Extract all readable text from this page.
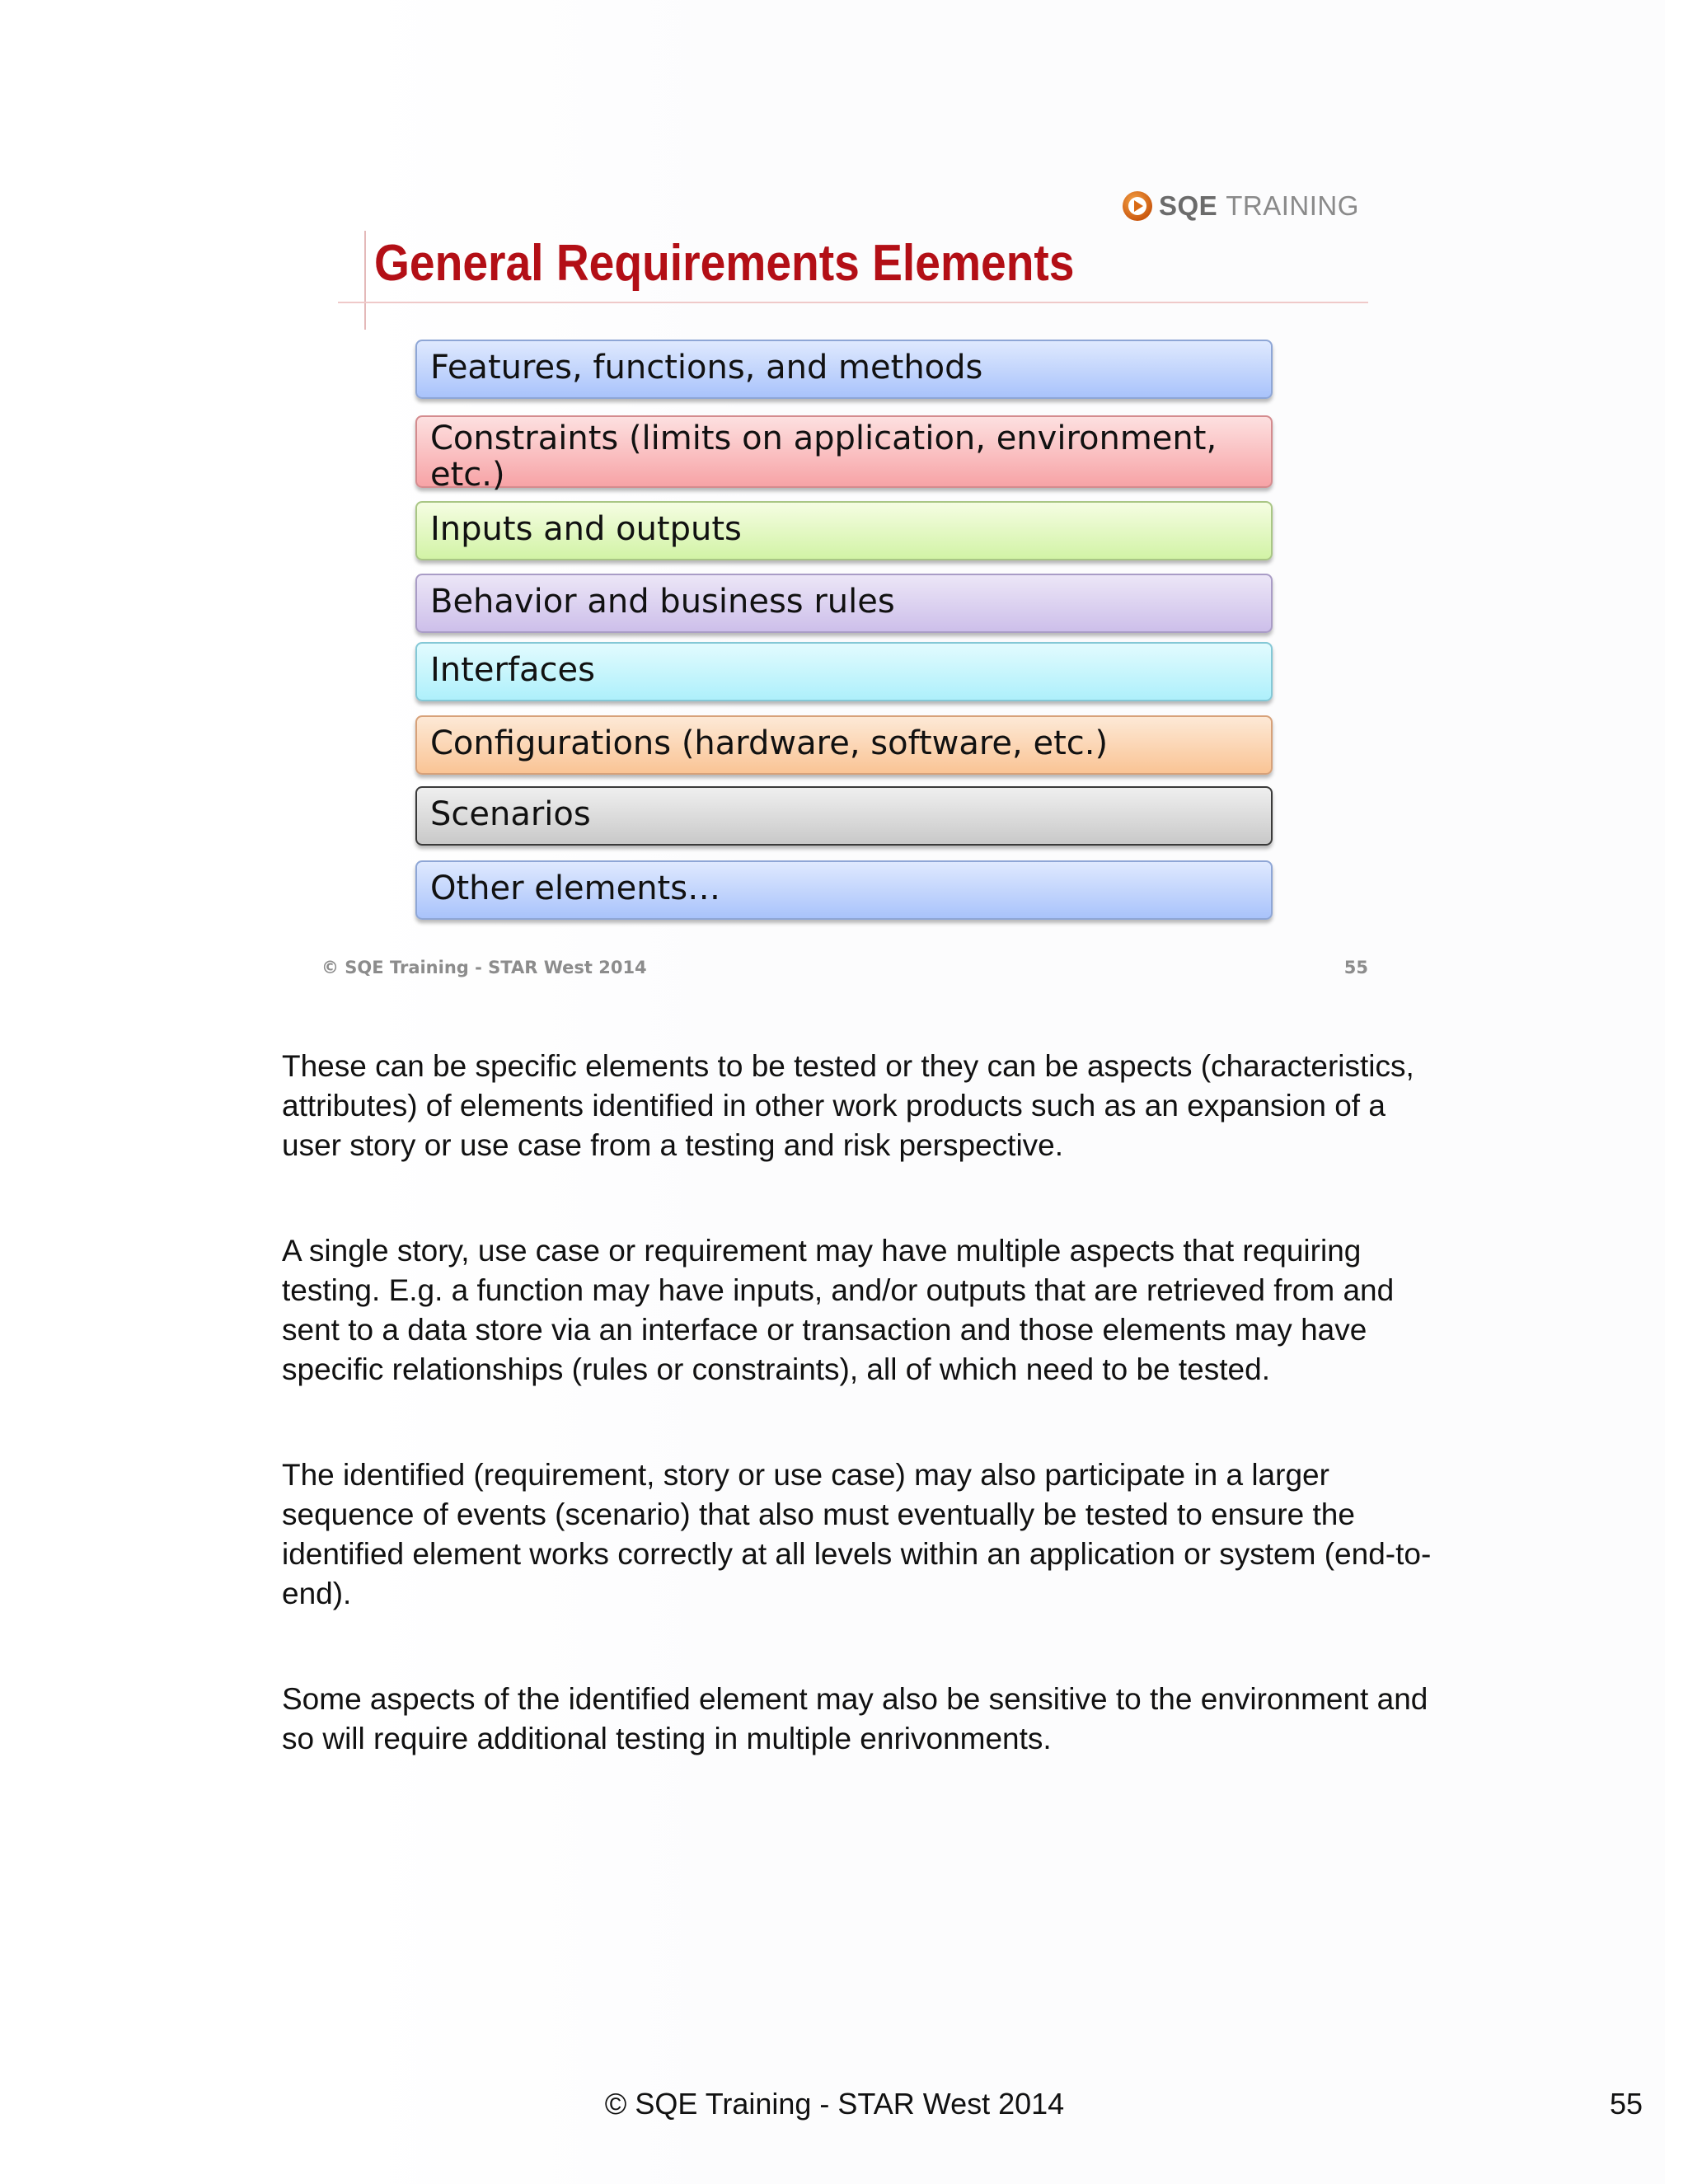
SQE TRAINING
General Requirements Elements
Features, functions, and methods
Constraints (limits on application, environment, etc.)
Inputs and outputs
Behavior and business rules
Interfaces
Configurations (hardware, software, etc.)
Scenarios
Other elements…
© SQE Training - STAR West 2014	55

These can be specific elements to be tested or they can be aspects (characteristics, attributes) of elements identified in other work products such as an expansion of a user story or use case from a testing and risk perspective.

A single story, use case or requirement may have multiple aspects that requiring testing. E.g. a function may have inputs, and/or outputs that are retrieved from and sent to a data store via an interface or transaction and those elements may have specific relationships (rules or constraints), all of which need to be tested.

The identified (requirement, story or use case) may also participate in a larger sequence of events (scenario) that also must eventually be tested to ensure the identified element works correctly at all levels within an application or system (end-to-end).

Some aspects of the identified element may also be sensitive to the environment and so will require additional testing in multiple enrivonments.

© SQE Training - STAR West 2014	55
